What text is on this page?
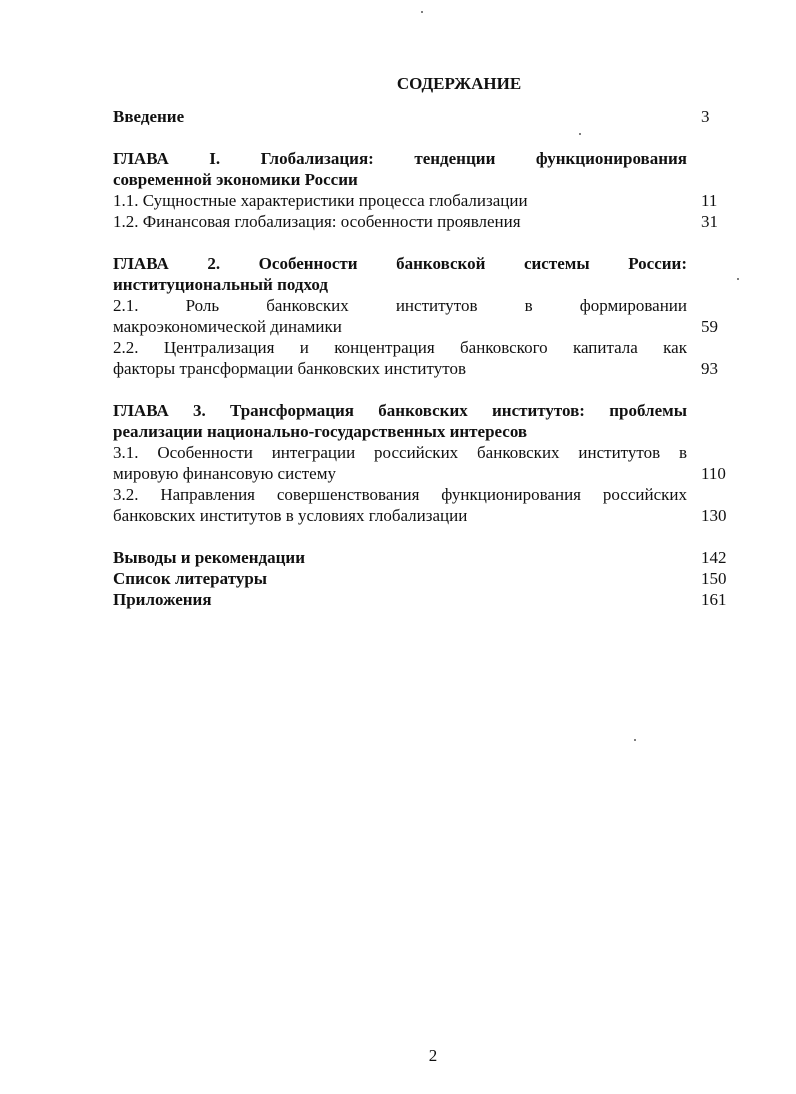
СОДЕРЖАНИЕ
Введение	3
ГЛАВА I. Глобализация: тенденции функционирования
современной экономики России
1.1. Сущностные характеристики процесса глобализации	11
1.2. Финансовая глобализация: особенности проявления	31
ГЛАВА 2. Особенности банковской системы России:
институциональный подход
2.1. Роль банковских институтов в формировании
макроэкономической динамики	59
2.2. Централизация и концентрация банковского капитала как
факторы трансформации банковских институтов	93
ГЛАВА 3. Трансформация банковских институтов: проблемы
реализации национально-государственных интересов
3.1. Особенности интеграции российских банковских институтов в
мировую финансовую систему	110
3.2. Направления совершенствования функционирования российских
банковских институтов в условиях глобализации	130
Выводы и рекомендации	142
Список литературы	150
Приложения	161
2
